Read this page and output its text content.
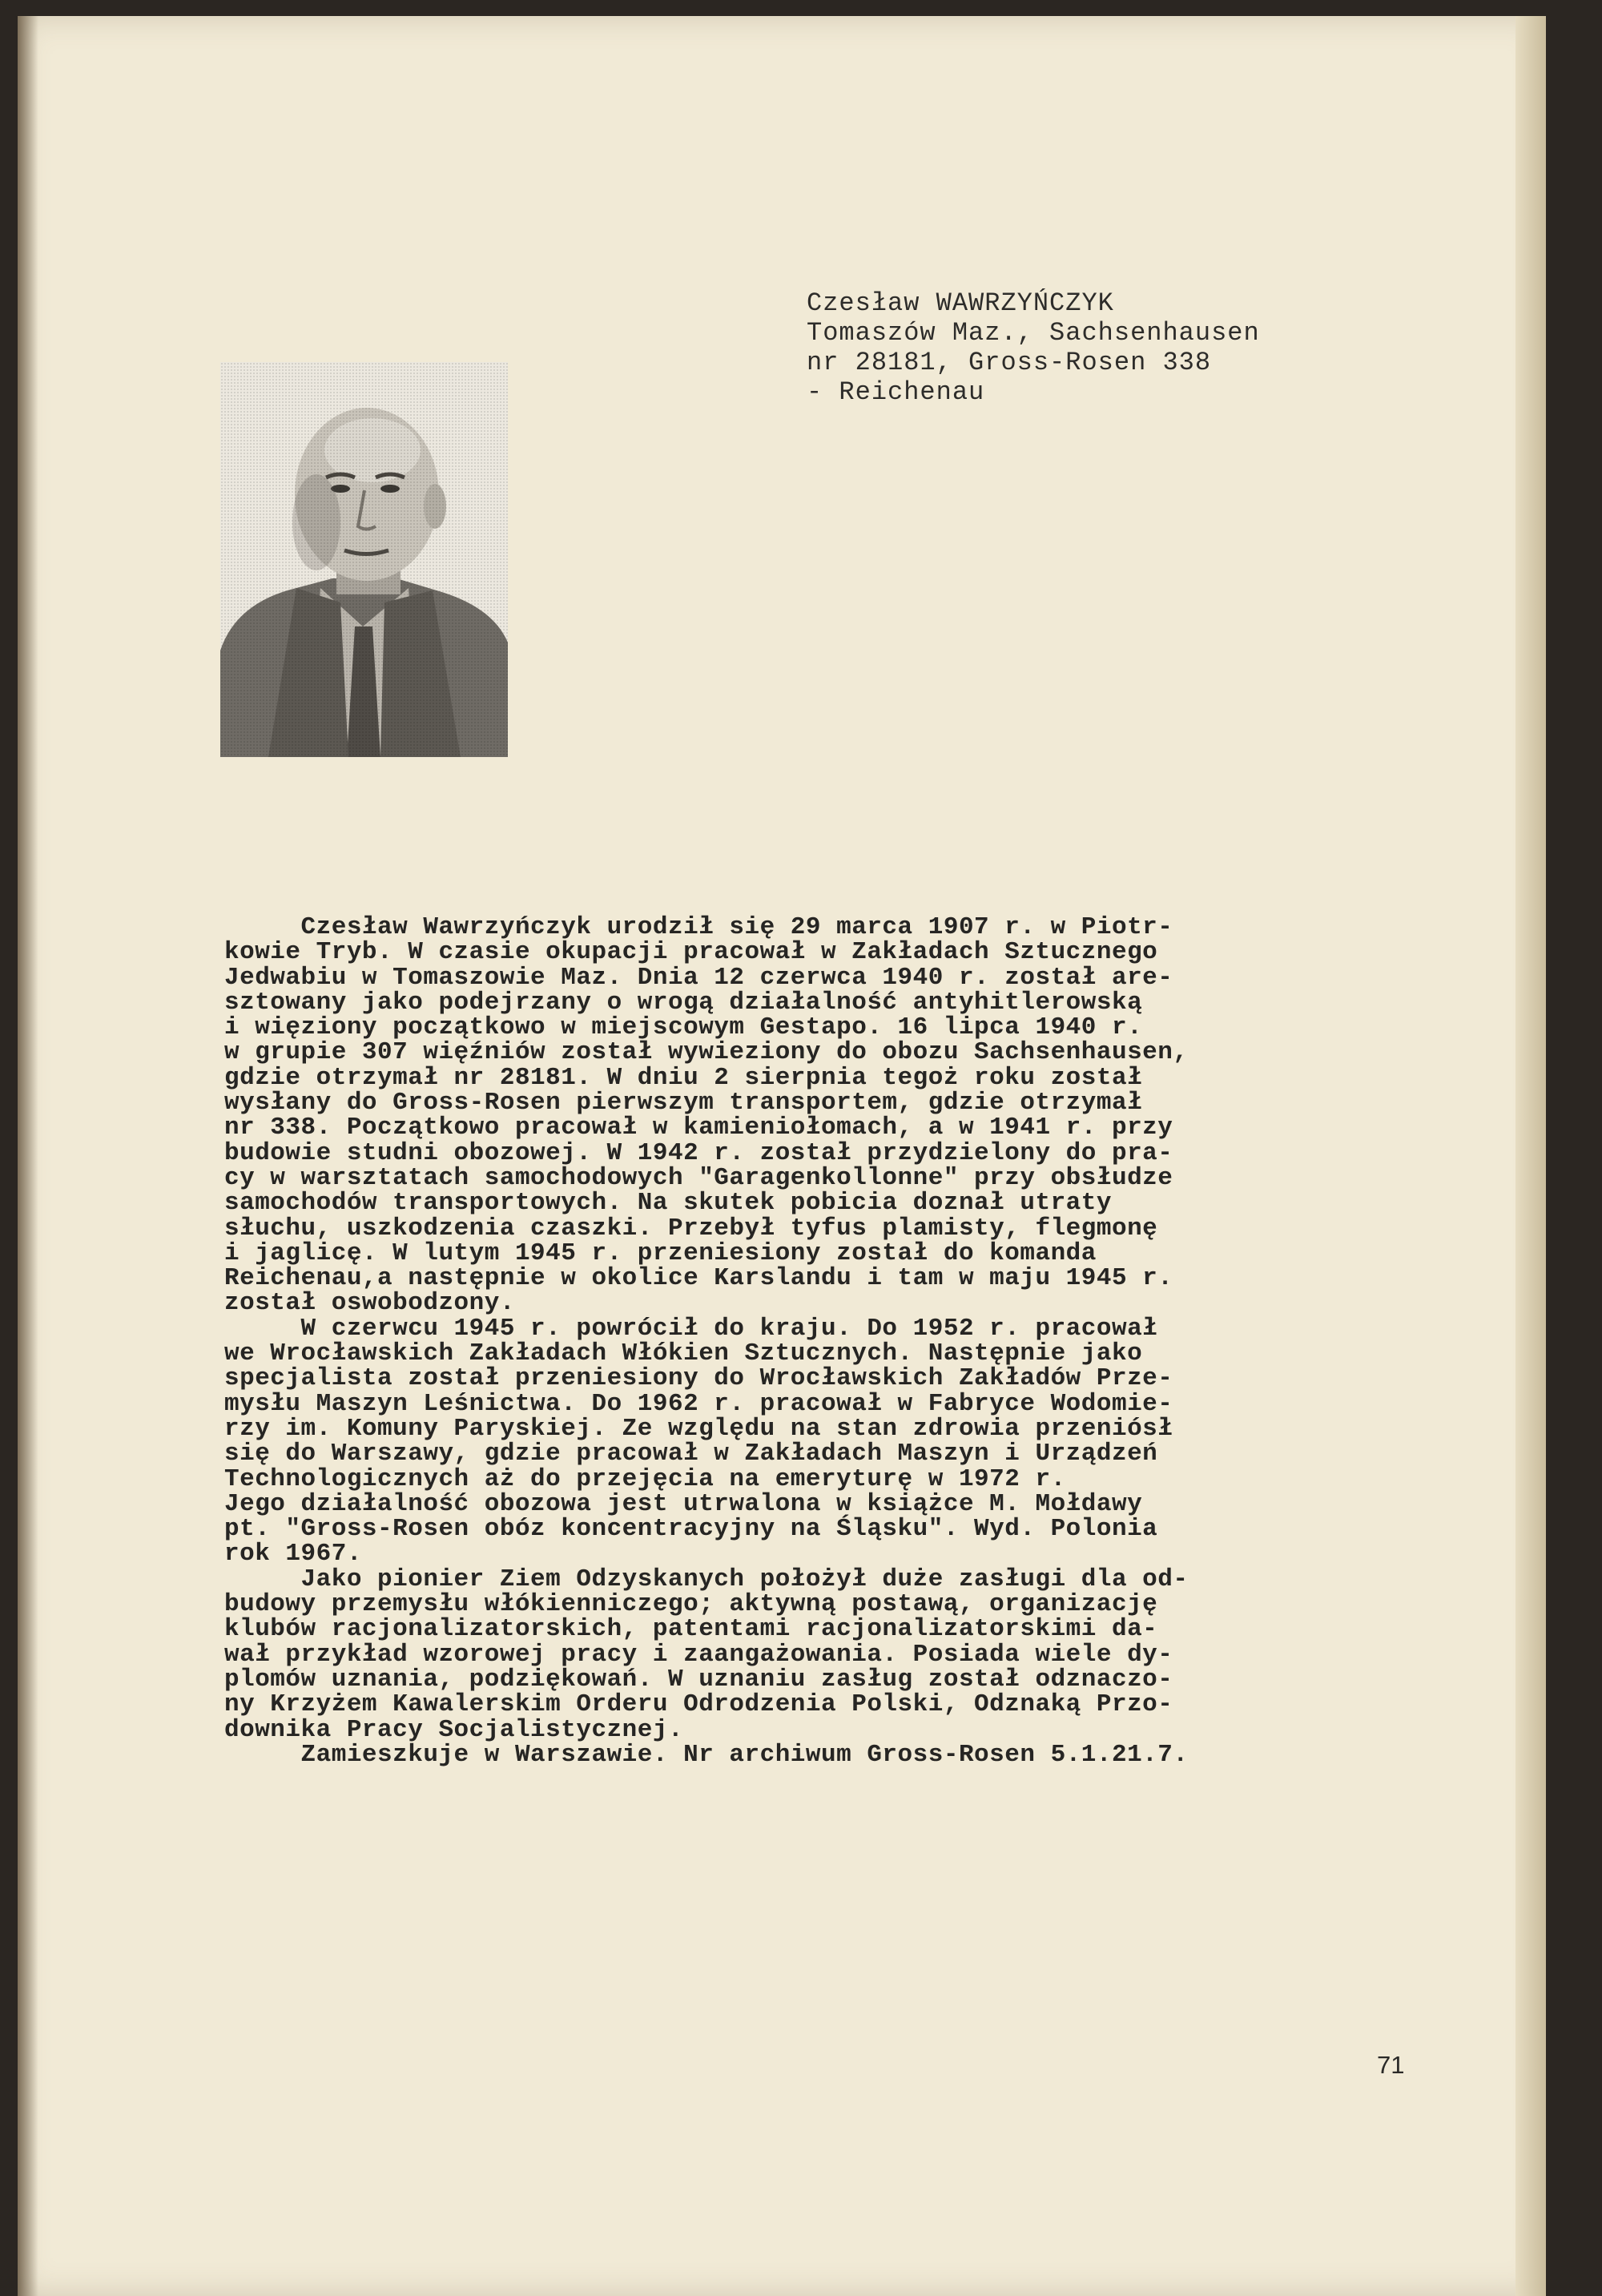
Czesław WAWRZYŃCZYK
Tomaszów Maz., Sachsenhausen
nr 28181, Gross-Rosen 338
- Reichenau
Czesław Wawrzyńczyk urodził się 29 marca 1907 r. w Piotr-
kowie Tryb. W czasie okupacji pracował w Zakładach Sztucznego
Jedwabiu w Tomaszowie Maz. Dnia 12 czerwca 1940 r. został are-
sztowany jako podejrzany o wrogą działalność antyhitlerowską
i więziony początkowo w miejscowym Gestapo. 16 lipca 1940 r.
w grupie 307 więźniów został wywieziony do obozu Sachsenhausen,
gdzie otrzymał nr 28181. W dniu 2 sierpnia tegoż roku został
wysłany do Gross-Rosen pierwszym transportem, gdzie otrzymał
nr 338. Początkowo pracował w kamieniołomach, a w 1941 r. przy
budowie studni obozowej. W 1942 r. został przydzielony do pra-
cy w warsztatach samochodowych "Garagenkollonne" przy obsłudze
samochodów transportowych. Na skutek pobicia doznał utraty
słuchu, uszkodzenia czaszki. Przebył tyfus plamisty, flegmonę
i jaglicę. W lutym 1945 r. przeniesiony został do komanda
Reichenau,a następnie w okolice Karslandu i tam w maju 1945 r.
został oswobodzony.
W czerwcu 1945 r. powrócił do kraju. Do 1952 r. pracował
we Wrocławskich Zakładach Włókien Sztucznych. Następnie jako
specjalista został przeniesiony do Wrocławskich Zakładów Prze-
mysłu Maszyn Leśnictwa. Do 1962 r. pracował w Fabryce Wodomie-
rzy im. Komuny Paryskiej. Ze względu na stan zdrowia przeniósł
się do Warszawy, gdzie pracował w Zakładach Maszyn i Urządzeń
Technologicznych aż do przejęcia na emeryturę w 1972 r.
Jego działalność obozowa jest utrwalona w książce M. Mołdawy
pt. "Gross-Rosen obóz koncentracyjny na Śląsku". Wyd. Polonia
rok 1967.
Jako pionier Ziem Odzyskanych położył duże zasługi dla od-
budowy przemysłu włókienniczego; aktywną postawą, organizację
klubów racjonalizatorskich, patentami racjonalizatorskimi da-
wał przykład wzorowej pracy i zaangażowania. Posiada wiele dy-
plomów uznania, podziękowań. W uznaniu zasług został odznaczo-
ny Krzyżem Kawalerskim Orderu Odrodzenia Polski, Odznaką Przo-
downika Pracy Socjalistycznej.
Zamieszkuje w Warszawie. Nr archiwum Gross-Rosen 5.1.21.7.
71
